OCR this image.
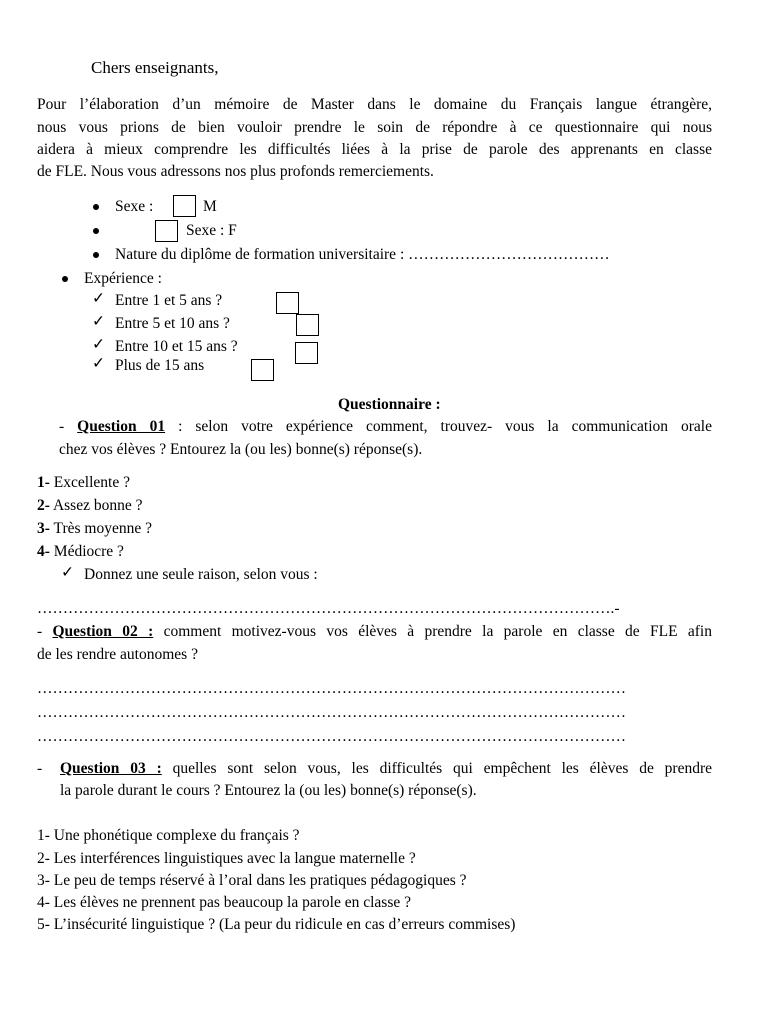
Chers enseignants,
Pour l’élaboration d’un mémoire de Master dans le domaine du Français langue étrangère,
nous vous prions de bien vouloir prendre le soin de répondre à ce questionnaire qui nous
aidera à mieux comprendre les difficultés liées à la prise de parole des apprenants en classe
de FLE. Nous vous adressons nos plus profonds remerciements.
Sexe :	M
Sexe : F
Nature du diplôme de formation universitaire : …………………………………
Expérience :
✓ Entre 1 et 5 ans ?
✓ Entre 5 et 10 ans ?
✓ Entre 10 et 15 ans ?
✓ Plus de 15 ans
Questionnaire :
- Question 01 : selon votre expérience comment, trouvez- vous la communication orale
chez vos élèves ? Entourez la (ou les) bonne(s) réponse(s).
1- Excellente ?
2- Assez bonne ?
3- Très moyenne ?
4- Médiocre ?
✓ Donnez une seule raison, selon vous :
………………………………………………………………………………………………….-
- Question 02 : comment motivez-vous vos élèves à prendre la parole en classe de FLE afin
de les rendre autonomes ?
……………………………………………………………………………………………………
……………………………………………………………………………………………………
……………………………………………………………………………………………………
- Question 03 : quelles sont selon vous, les difficultés qui empêchent les élèves de prendre
la parole durant le cours ? Entourez la (ou les) bonne(s) réponse(s).
1- Une phonétique complexe du français ?
2- Les interférences linguistiques avec la langue maternelle ?
3- Le peu de temps réservé à l’oral dans les pratiques pédagogiques ?
4- Les élèves ne prennent pas beaucoup la parole en classe ?
5- L’insécurité linguistique ? (La peur du ridicule en cas d’erreurs commises)
